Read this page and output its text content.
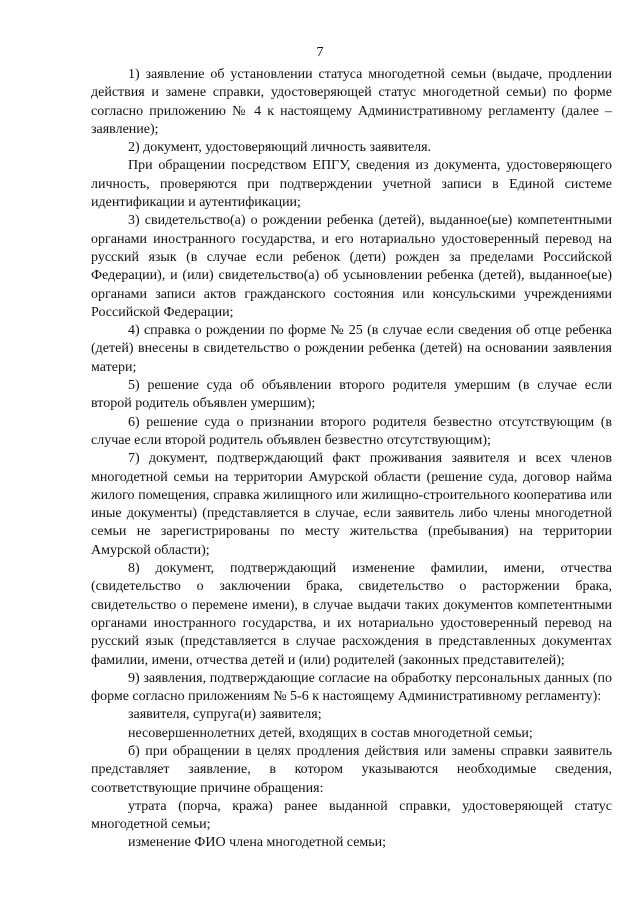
7

1) заявление об установлении статуса многодетной семьи (выдаче, продлении действия и замене справки, удостоверяющей статус многодетной семьи) по форме согласно приложению № 4 к настоящему Административному регламенту (далее – заявление);

2) документ, удостоверяющий личность заявителя.

При обращении посредством ЕПГУ, сведения из документа, удостоверяющего личность, проверяются при подтверждении учетной записи в Единой системе идентификации и аутентификации;

3) свидетельство(а) о рождении ребенка (детей), выданное(ые) компетентными органами иностранного государства, и его нотариально удостоверенный перевод на русский язык (в случае если ребенок (дети) рожден за пределами Российской Федерации), и (или) свидетельство(а) об усыновлении ребенка (детей), выданное(ые) органами записи актов гражданского состояния или консульскими учреждениями Российской Федерации;

4) справка о рождении по форме № 25 (в случае если сведения об отце ребенка (детей) внесены в свидетельство о рождении ребенка (детей) на основании заявления матери;

5) решение суда об объявлении второго родителя умершим (в случае если второй родитель объявлен умершим);

6) решение суда о признании второго родителя безвестно отсутствующим (в случае если второй родитель объявлен безвестно отсутствующим);

7) документ, подтверждающий факт проживания заявителя и всех членов многодетной семьи на территории Амурской области (решение суда, договор найма жилого помещения, справка жилищного или жилищно-строительного кооператива или иные документы) (представляется в случае, если заявитель либо члены многодетной семьи не зарегистрированы по месту жительства (пребывания) на территории Амурской области);

8) документ, подтверждающий изменение фамилии, имени, отчества (свидетельство о заключении брака, свидетельство о расторжении брака, свидетельство о перемене имени), в случае выдачи таких документов компетентными органами иностранного государства, и их нотариально удостоверенный перевод на русский язык (представляется в случае расхождения в представленных документах фамилии, имени, отчества детей и (или) родителей (законных представителей);

9) заявления, подтверждающие согласие на обработку персональных данных (по форме согласно приложениям № 5-6 к настоящему Административному регламенту):

заявителя, супруга(и) заявителя;

несовершеннолетних детей, входящих в состав многодетной семьи;

б) при обращении в целях продления действия или замены справки заявитель представляет заявление, в котором указываются необходимые сведения, соответствующие причине обращения:

утрата (порча, кража) ранее выданной справки, удостоверяющей статус многодетной семьи;

изменение ФИО члена многодетной семьи;
